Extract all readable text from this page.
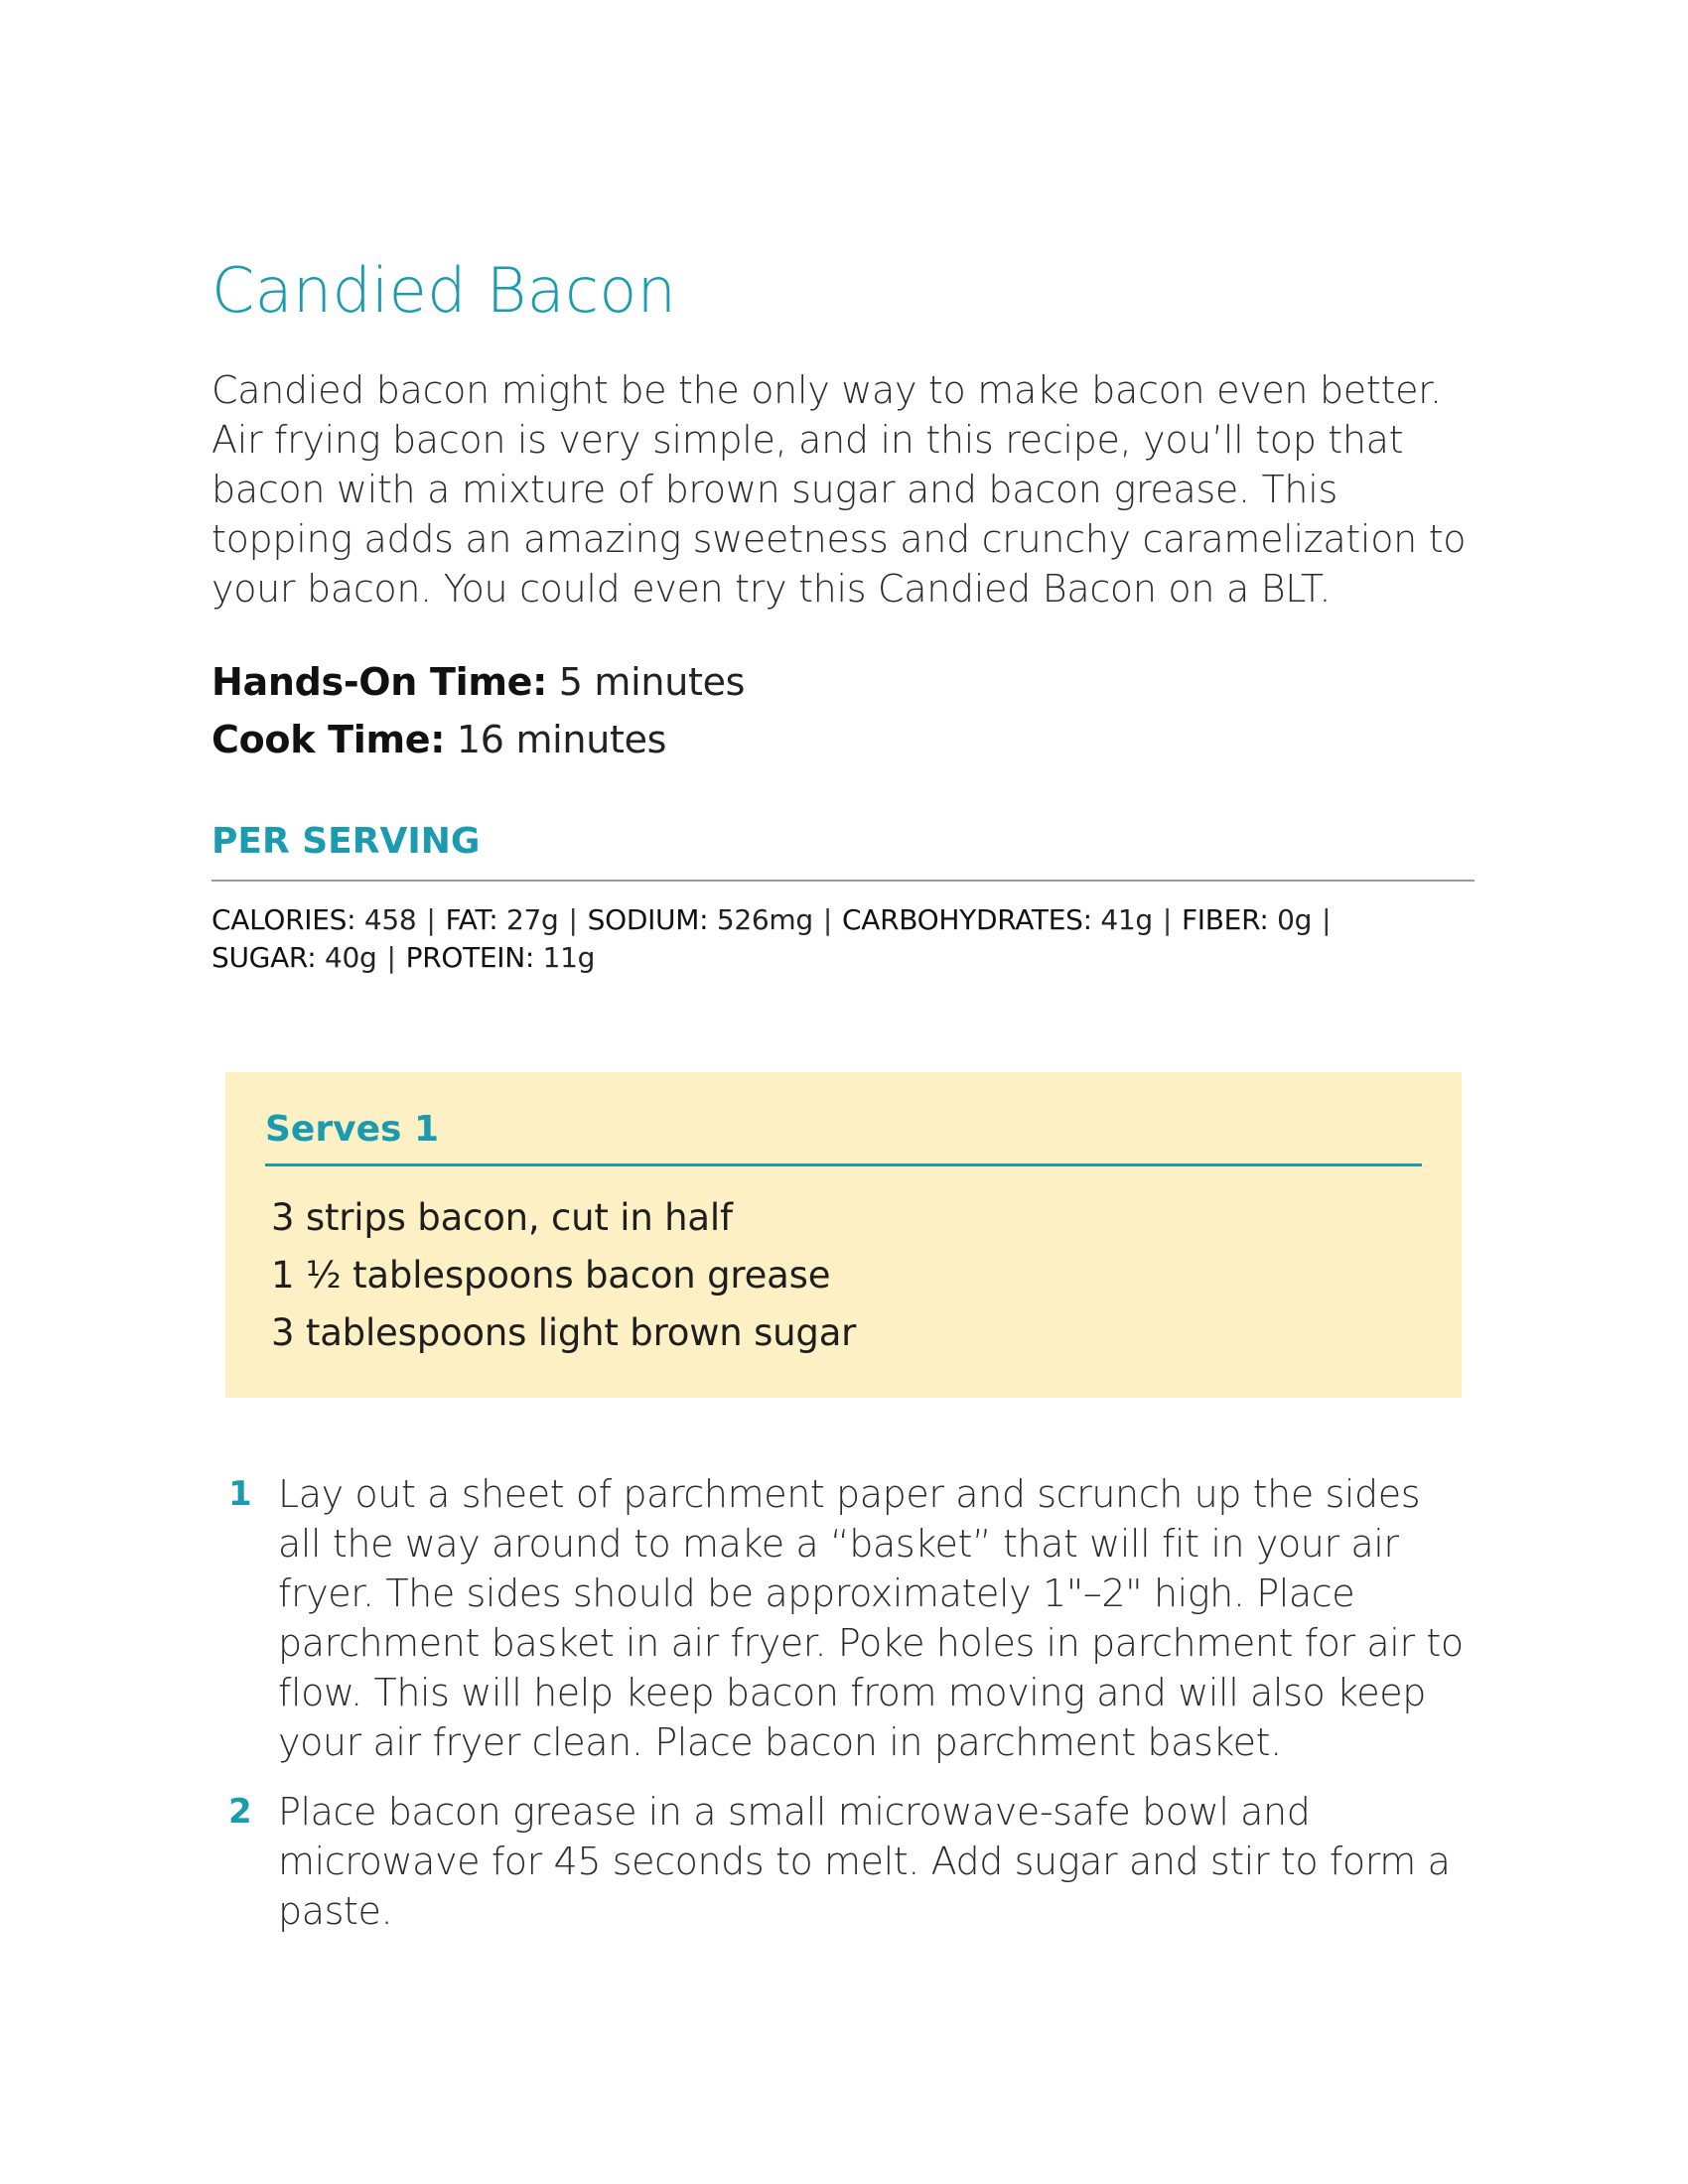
Candied Bacon

Candied bacon might be the only way to make bacon even better. Air frying bacon is very simple, and in this recipe, you’ll top that bacon with a mixture of brown sugar and bacon grease. This topping adds an amazing sweetness and crunchy caramelization to your bacon. You could even try this Candied Bacon on a BLT.

Hands-On Time: 5 minutes
Cook Time: 16 minutes
PER SERVING
CALORIES: 458 | FAT: 27g | SODIUM: 526mg | CARBOHYDRATES: 41g | FIBER: 0g |
SUGAR: 40g | PROTEIN: 11g
Serves 1
3 strips bacon, cut in half
1 ½ tablespoons bacon grease
3 tablespoons light brown sugar
1 Lay out a sheet of parchment paper and scrunch up the sides all the way around to make a “basket” that will fit in your air fryer. The sides should be approximately 1"–2" high. Place parchment basket in air fryer. Poke holes in parchment for air to flow. This will help keep bacon from moving and will also keep your air fryer clean. Place bacon in parchment basket.
2 Place bacon grease in a small microwave-safe bowl and microwave for 45 seconds to melt. Add sugar and stir to form a paste.
